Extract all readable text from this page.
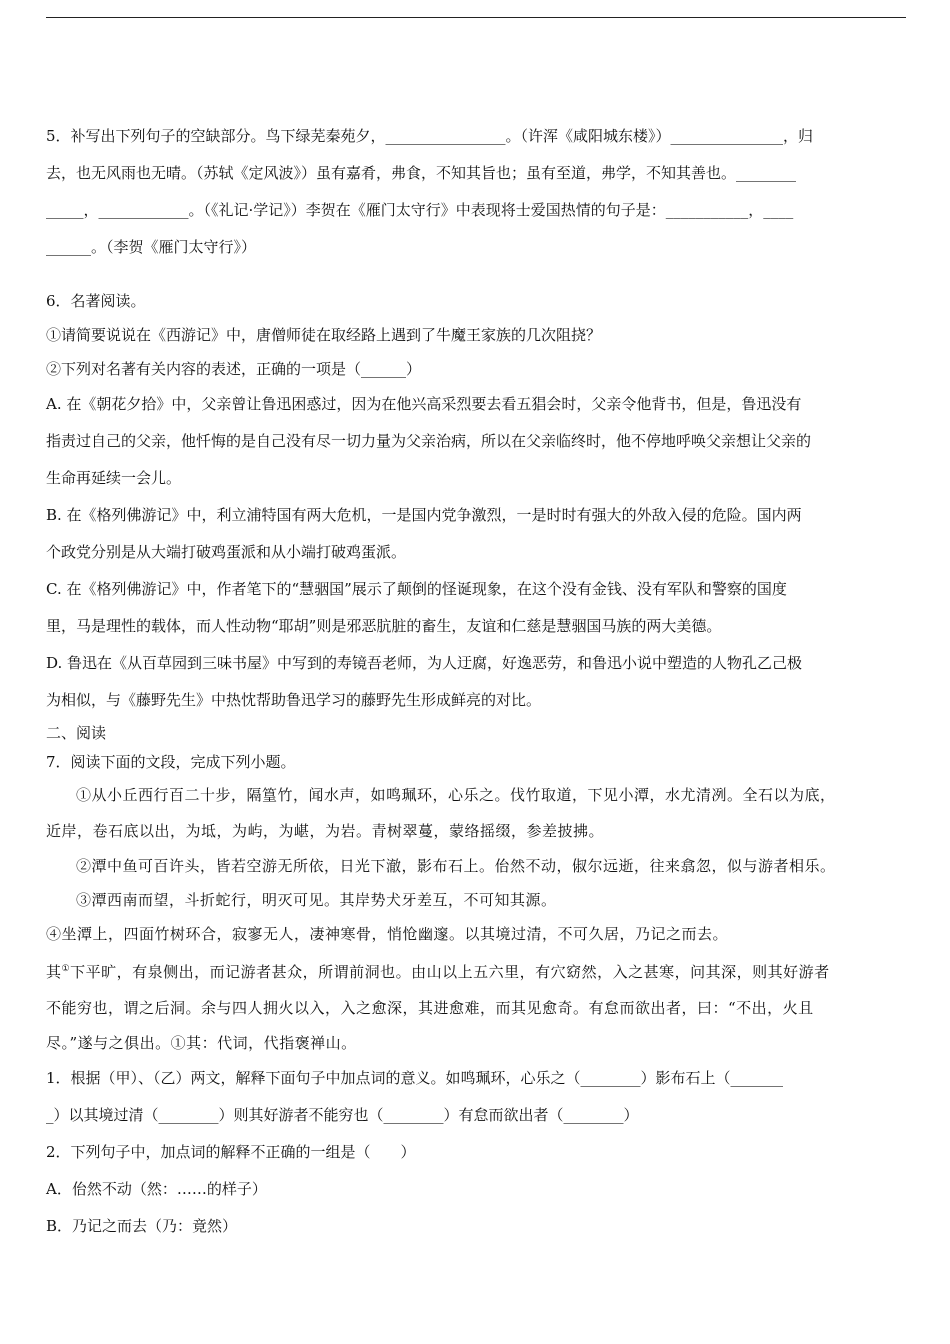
5．补写出下列句子的空缺部分。鸟下绿芜秦苑夕，________________。（许浑《咸阳城东楼》）_______________，归

去，也无风雨也无晴。（苏轼《定风波》）虽有嘉肴，弗食，不知其旨也；虽有至道，弗学，不知其善也。________

_____，____________。（《礼记·学记》）李贺在《雁门太守行》中表现将士爱国热情的句子是：___________，____

______。（李贺《雁门太守行》）

6．名著阅读。

①请简要说说在《西游记》中，唐僧师徒在取经路上遇到了牛魔王家族的几次阻挠？

②下列对名著有关内容的表述，正确的一项是（______）

A. 在《朝花夕拾》中，父亲曾让鲁迅困惑过，因为在他兴高采烈要去看五猖会时，父亲令他背书，但是，鲁迅没有

指责过自己的父亲，他忏悔的是自己没有尽一切力量为父亲治病，所以在父亲临终时，他不停地呼唤父亲想让父亲的

生命再延续一会儿。

B. 在《格列佛游记》中，利立浦特国有两大危机，一是国内党争激烈，一是时时有强大的外敌入侵的危险。国内两

个政党分别是从大端打破鸡蛋派和从小端打破鸡蛋派。

C. 在《格列佛游记》中，作者笔下的“慧骃国”展示了颠倒的怪诞现象，在这个没有金钱、没有军队和警察的国度

里，马是理性的载体，而人性动物“耶胡”则是邪恶肮脏的畜生，友谊和仁慈是慧骃国马族的两大美德。

D. 鲁迅在《从百草园到三味书屋》中写到的寿镜吾老师，为人迂腐，好逸恶劳，和鲁迅小说中塑造的人物孔乙己极

为相似，与《藤野先生》中热忱帮助鲁迅学习的藤野先生形成鲜亮的对比。

二、阅读

7．阅读下面的文段，完成下列小题。

①从小丘西行百二十步，隔篁竹，闻水声，如鸣珮环，心乐之。伐竹取道，下见小潭，水尤清冽。全石以为底，

近岸，卷石底以出，为坻，为屿，为嵁，为岩。青树翠蔓，蒙络摇缀，参差披拂。

②潭中鱼可百许头，皆若空游无所依，日光下澈，影布石上。佁然不动，俶尔远逝，往来翕忽，似与游者相乐。

③潭西南而望，斗折蛇行，明灭可见。其岸势犬牙差互，不可知其源。

④坐潭上，四面竹树环合，寂寥无人，凄神寒骨，悄怆幽邃。以其境过清，不可久居，乃记之而去。

其①下平旷，有泉侧出，而记游者甚众，所谓前洞也。由山以上五六里，有穴窈然，入之甚寒，问其深，则其好游者

不能穷也，谓之后洞。余与四人拥火以入，入之愈深，其进愈难，而其见愈奇。有怠而欲出者，曰：“不出，火且

尽。”遂与之俱出。①其：代词，代指褒禅山。

1．根据（甲）、（乙）两文，解释下面句子中加点词的意义。如鸣珮环，心乐之（________）影布石上（_______

_）以其境过清（________）则其好游者不能穷也（________）有怠而欲出者（________）

2．下列句子中，加点词的解释不正确的一组是（　　）

A．佁然不动（然：……的样子）

B．乃记之而去（乃：竟然）
